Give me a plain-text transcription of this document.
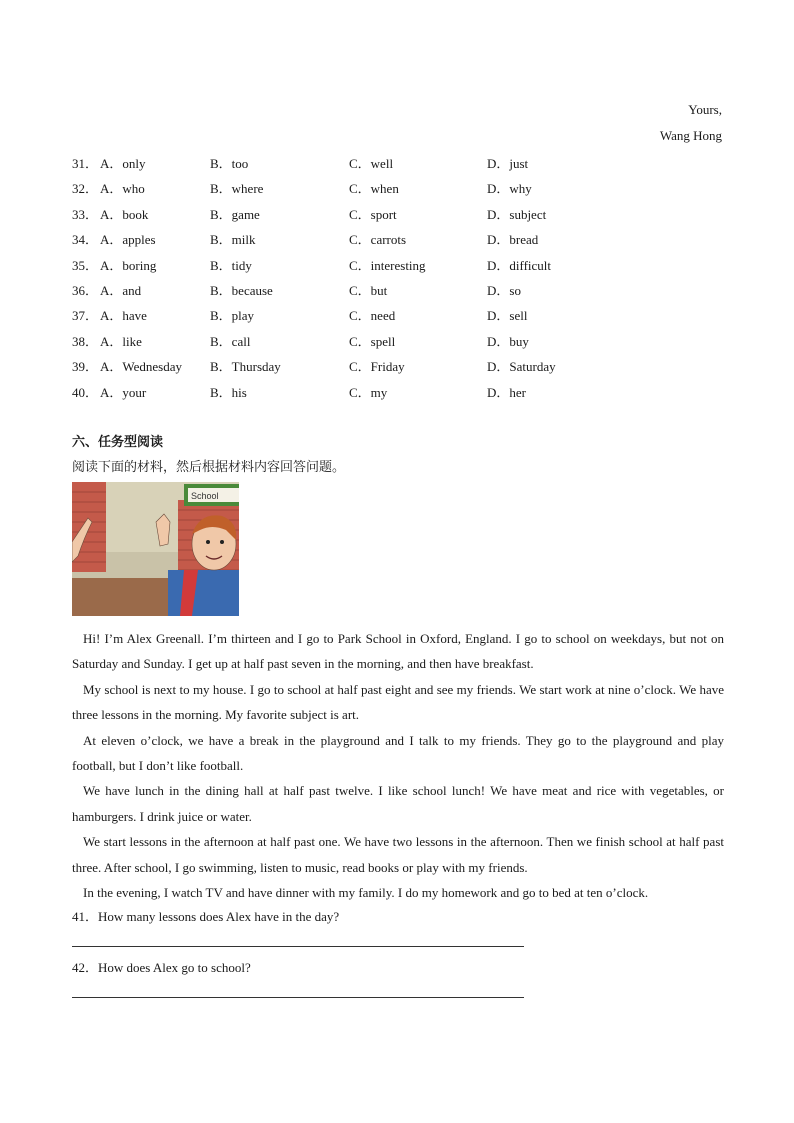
Yours,
Wang Hong
31． A．only	B．too	C．well	D．just
32． A．who	B．where	C．when	D．why
33． A．book	B．game	C．sport	D．subject
34． A．apples	B．milk	C．carrots	D．bread
35． A．boring	B．tidy	C．interesting	D．difficult
36． A．and	B．because	C．but	D．so
37． A．have	B．play	C．need	D．sell
38． A．like	B．call	C．spell	D．buy
39． A．Wednesday B．Thursday	C．Friday	D．Saturday
40． A．your	B．his	C．my	D．her
六、任务型阅读
阅读下面的材料，然后根据材料内容回答问题。
School

Hi! I’m Alex Greenall. I’m thirteen and I go to Park School in Oxford, England. I go to school on weekdays, but not on Saturday and Sunday. I get up at half past seven in the morning, and then have breakfast.

My school is next to my house. I go to school at half past eight and see my friends. We start work at nine o’clock. We have three lessons in the morning. My favorite subject is art.

At eleven o’clock, we have a break in the playground and I talk to my friends. They go to the playground and play football, but I don’t like football.

We have lunch in the dining hall at half past twelve. I like school lunch! We have meat and rice with vegetables, or hamburgers. I drink juice or water.

We start lessons in the afternoon at half past one. We have two lessons in the afternoon. Then we finish school at half past three. After school, I go swimming, listen to music, read books or play with my friends.

In the evening, I watch TV and have dinner with my family. I do my homework and go to bed at ten o’clock.

41．How many lessons does Alex have in the day?
42．How does Alex go to school?
